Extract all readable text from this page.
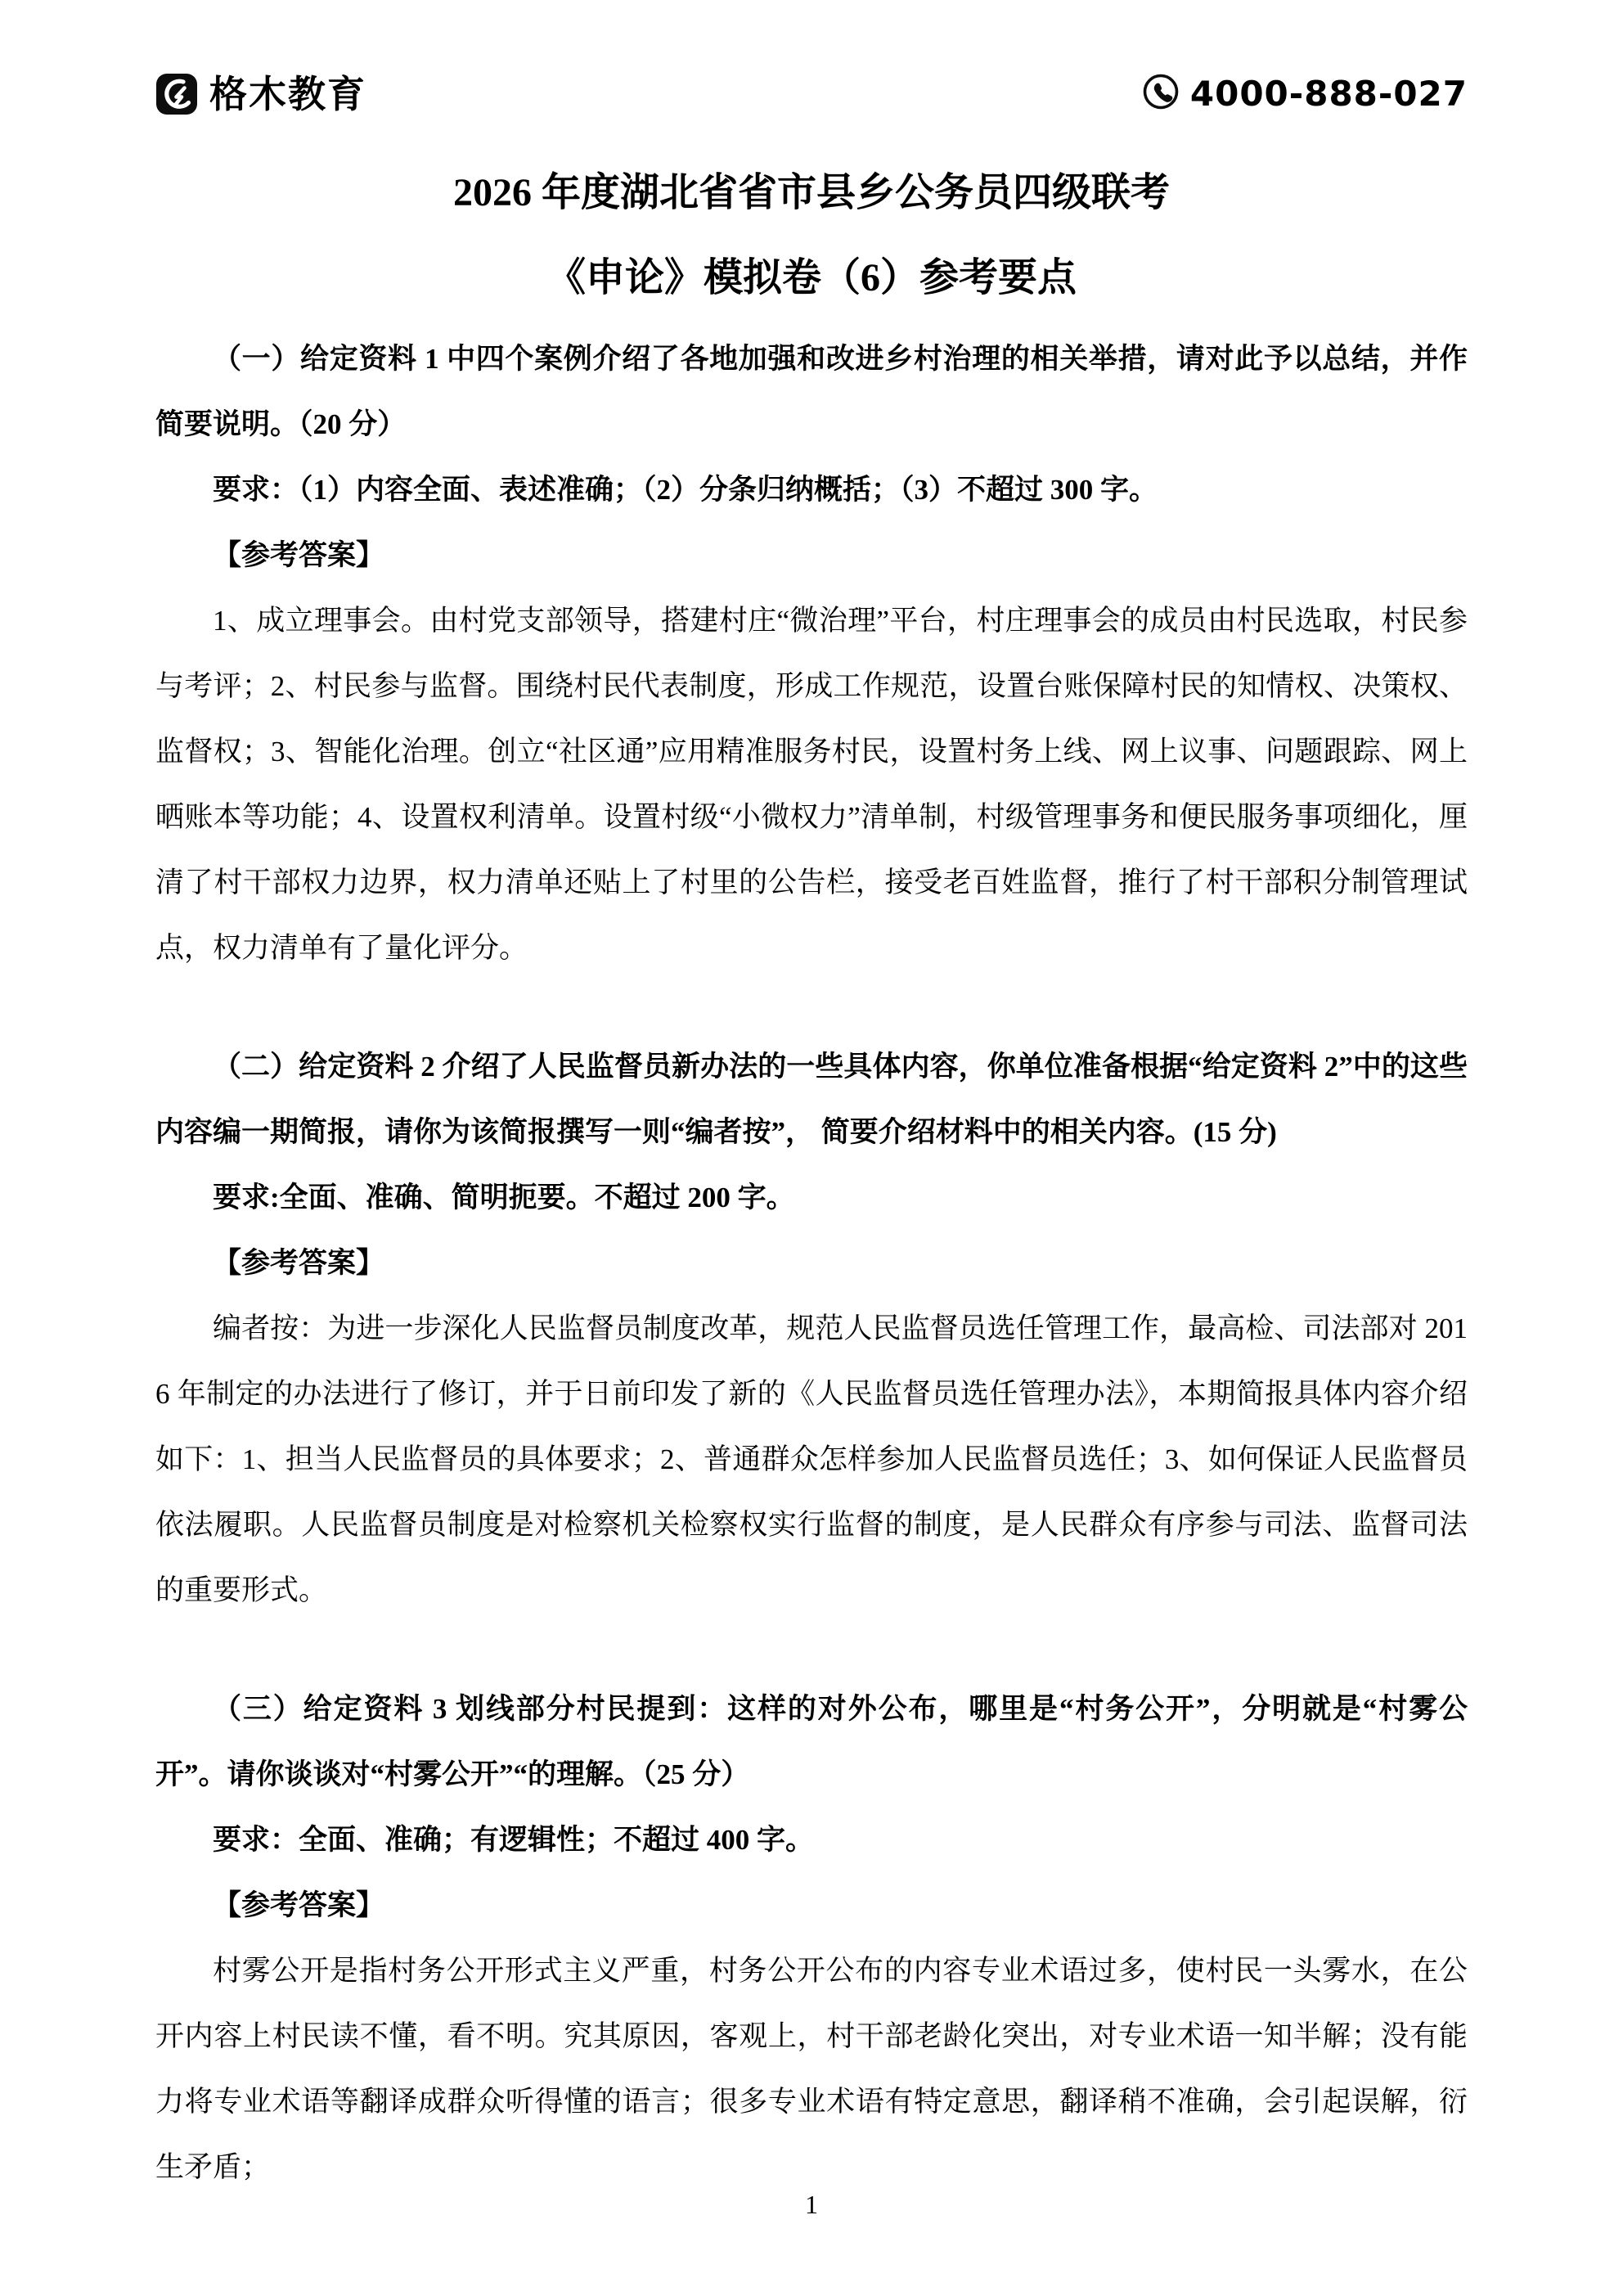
格木教育	4000-888-027
2026 年度湖北省省市县乡公务员四级联考
《申论》模拟卷（6）参考要点

（一）给定资料 1 中四个案例介绍了各地加强和改进乡村治理的相关举措，请对此予以总结，并作简要说明。（20 分）

要求：（1）内容全面、表述准确；（2）分条归纳概括；（3）不超过 300 字。

【参考答案】

1、成立理事会。由村党支部领导，搭建村庄“微治理”平台，村庄理事会的成员由村民选取，村民参与考评；2、村民参与监督。围绕村民代表制度，形成工作规范，设置台账保障村民的知情权、决策权、监督权；3、智能化治理。创立“社区通”应用精准服务村民，设置村务上线、网上议事、问题跟踪、网上晒账本等功能；4、设置权利清单。设置村级“小微权力”清单制，村级管理事务和便民服务事项细化，厘清了村干部权力边界，权力清单还贴上了村里的公告栏，接受老百姓监督，推行了村干部积分制管理试点，权力清单有了量化评分。

（二）给定资料 2 介绍了人民监督员新办法的一些具体内容，你单位准备根据“给定资料 2”中的这些内容编一期简报，请你为该简报撰写一则“编者按”， 简要介绍材料中的相关内容。(15 分)

要求:全面、准确、简明扼要。不超过 200 字。

【参考答案】

编者按：为进一步深化人民监督员制度改革，规范人民监督员选任管理工作，最高检、司法部对 2016 年制定的办法进行了修订，并于日前印发了新的《人民监督员选任管理办法》，本期简报具体内容介绍如下：1、担当人民监督员的具体要求；2、普通群众怎样参加人民监督员选任；3、如何保证人民监督员依法履职。人民监督员制度是对检察机关检察权实行监督的制度，是人民群众有序参与司法、监督司法的重要形式。

（三）给定资料 3 划线部分村民提到：这样的对外公布，哪里是“村务公开”，分明就是“村雾公开”。请你谈谈对“村雾公开”“的理解。（25 分）

要求：全面、准确；有逻辑性；不超过 400 字。

【参考答案】

村雾公开是指村务公开形式主义严重，村务公开公布的内容专业术语过多，使村民一头雾水，在公开内容上村民读不懂，看不明。究其原因，客观上，村干部老龄化突出，对专业术语一知半解；没有能力将专业术语等翻译成群众听得懂的语言；很多专业术语有特定意思，翻译稍不准确，会引起误解，衍生矛盾；

1
